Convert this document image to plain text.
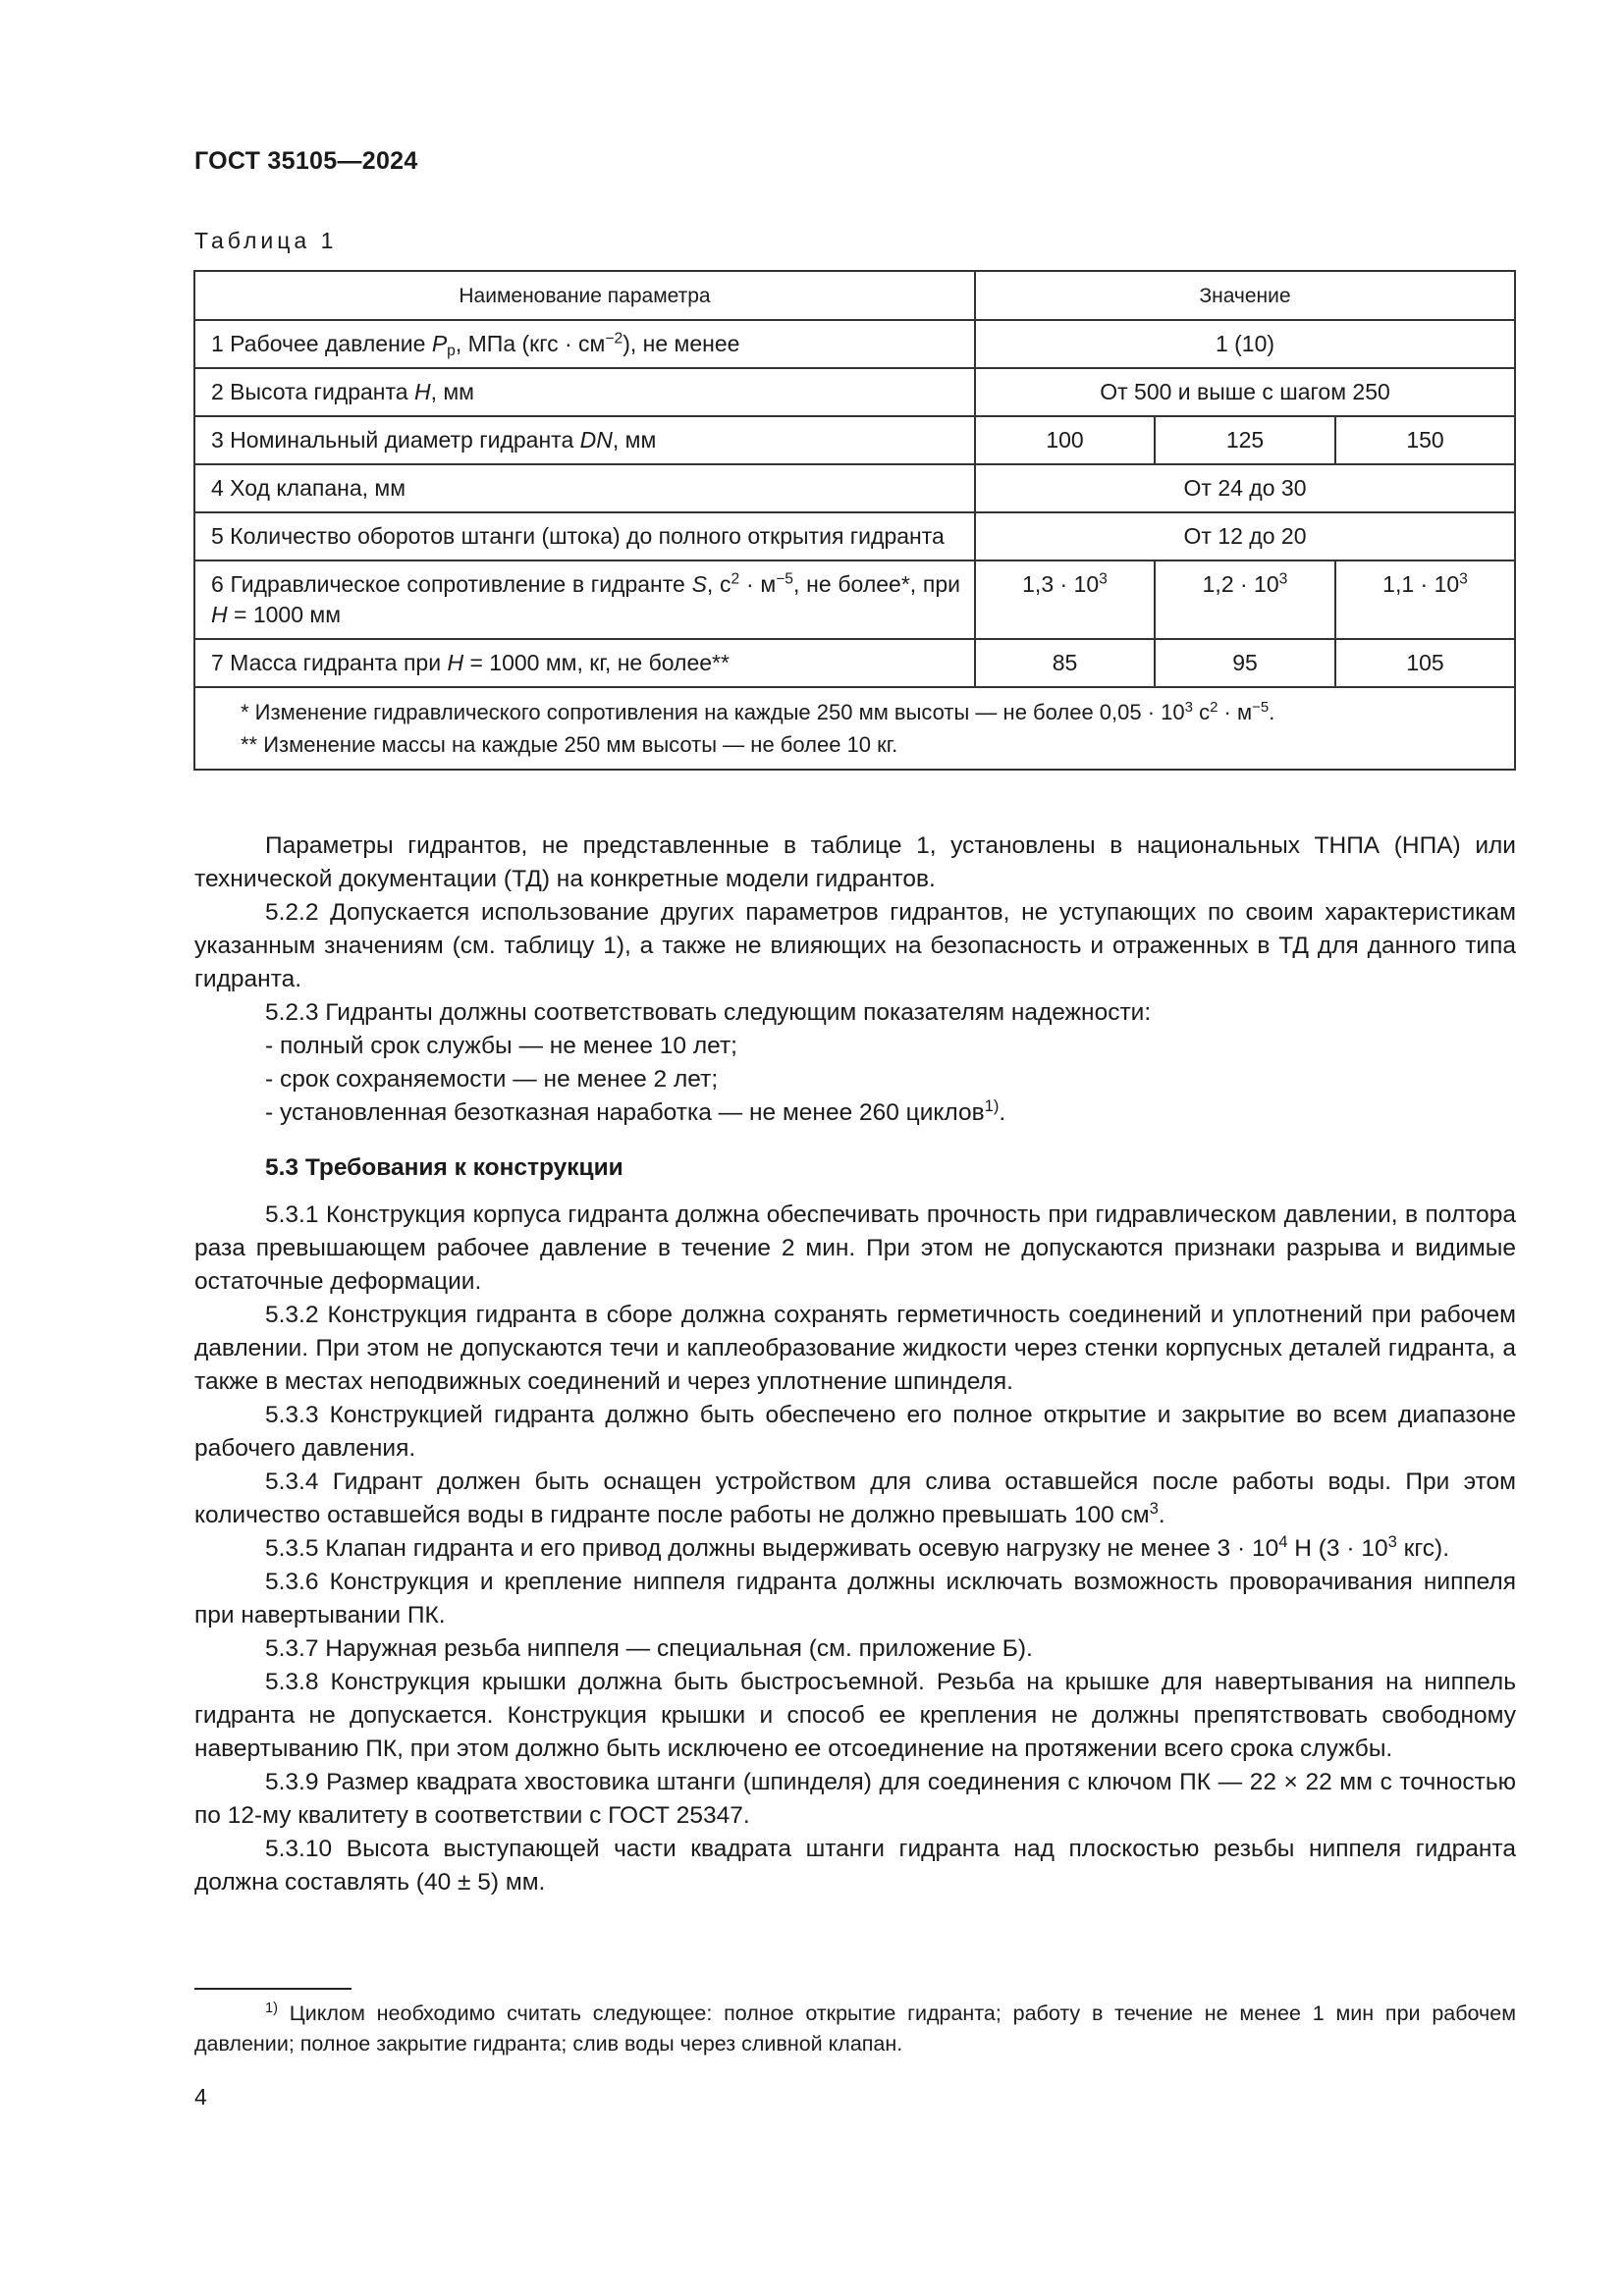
ГОСТ 35105—2024
Таблица 1
Наименование параметра	Значение		
1 Рабочее давление $P_р$, МПа $(кгс \cdot см^{-2})$, не менее	1 (10)		
2 Высота гидранта H, мм	От 500 и выше с шагом 250		
3 Номинальный диаметр гидранта DN, мм	100	125	150
4 Ход клапана, мм	От 24 до 30		
5 Количество оборотов штанги (штока) до полного открытия гидранта	От 12 до 20		
6 Гидравлическое сопротивление в гидранте S, $с^2 \cdot м^{-5}$, не более*, при H = 1000 мм	$1,3 \cdot 10^3$	$1,2 \cdot 10^3$	$1,1 \cdot 10^3$
7 Масса гидранта при H = 1000 мм, кг, не более**	85	95	105

* Изменение гидравлического сопротивления на каждые 250 мм высоты — не более $0,05 \cdot 10^3$ $с^2 \cdot м^{-5}$.
** Изменение массы на каждые 250 мм высоты — не более 10 кг.			

Параметры гидрантов, не представленные в таблице 1, установлены в национальных ТНПА (НПА) или технической документации (ТД) на конкретные модели гидрантов.

5.2.2 Допускается использование других параметров гидрантов, не уступающих по своим характеристикам указанным значениям (см. таблицу 1), а также не влияющих на безопасность и отраженных в ТД для данного типа гидранта.

5.2.3 Гидранты должны соответствовать следующим показателям надежности:

- полный срок службы — не менее 10 лет;

- срок сохраняемости — не менее 2 лет;

- установленная безотказная наработка — не менее 260 циклов$^{1)}$.

5.3 Требования к конструкции

5.3.1 Конструкция корпуса гидранта должна обеспечивать прочность при гидравлическом давлении, в полтора раза превышающем рабочее давление в течение 2 мин. При этом не допускаются признаки разрыва и видимые остаточные деформации.

5.3.2 Конструкция гидранта в сборе должна сохранять герметичность соединений и уплотнений при рабочем давлении. При этом не допускаются течи и каплеобразование жидкости через стенки корпусных деталей гидранта, а также в местах неподвижных соединений и через уплотнение шпинделя.

5.3.3 Конструкцией гидранта должно быть обеспечено его полное открытие и закрытие во всем диапазоне рабочего давления.

5.3.4 Гидрант должен быть оснащен устройством для слива оставшейся после работы воды. При этом количество оставшейся воды в гидранте после работы не должно превышать 100 $см^3$.

5.3.5 Клапан гидранта и его привод должны выдерживать осевую нагрузку не менее $3 \cdot 10^4$ Н ($3 \cdot 10^3$ кгс).

5.3.6 Конструкция и крепление ниппеля гидранта должны исключать возможность проворачивания ниппеля при навертывании ПК.

5.3.7 Наружная резьба ниппеля — специальная (см. приложение Б).

5.3.8 Конструкция крышки должна быть быстросъемной. Резьба на крышке для навертывания на ниппель гидранта не допускается. Конструкция крышки и способ ее крепления не должны препятствовать свободному навертыванию ПК, при этом должно быть исключено ее отсоединение на протяжении всего срока службы.

5.3.9 Размер квадрата хвостовика штанги (шпинделя) для соединения с ключом ПК — 22 × 22 мм с точностью по 12-му квалитету в соответствии с ГОСТ 25347.

5.3.10 Высота выступающей части квадрата штанги гидранта над плоскостью резьбы ниппеля гидранта должна составлять (40 ± 5) мм.

$^{1)}$ Циклом необходимо считать следующее: полное открытие гидранта; работу в течение не менее 1 мин при рабочем давлении; полное закрытие гидранта; слив воды через сливной клапан.

4
